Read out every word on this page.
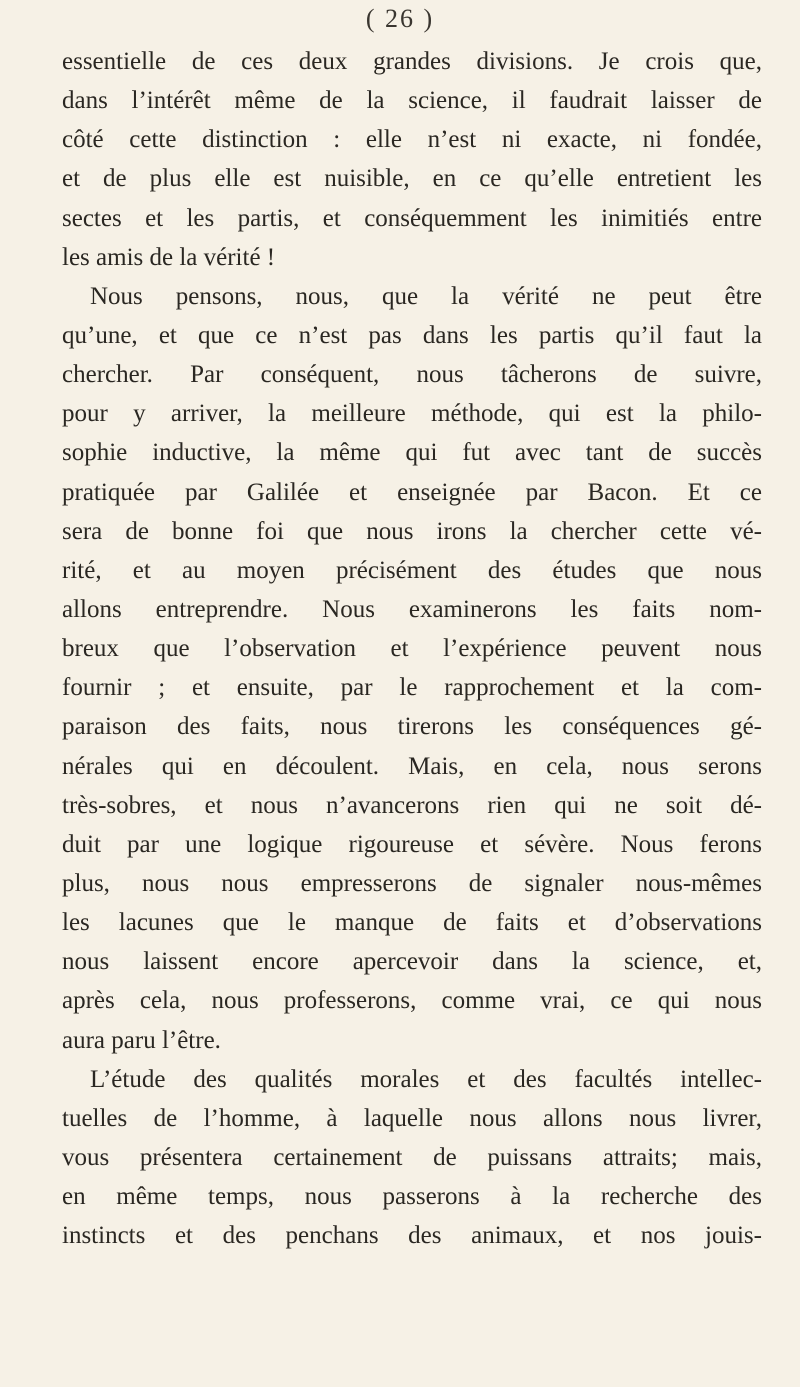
( 26 )
essentielle de ces deux grandes divisions. Je crois que,
dans l’intérêt même de la science, il faudrait laisser de
côté cette distinction : elle n’est ni exacte, ni fondée,
et de plus elle est nuisible, en ce qu’elle entretient les
sectes et les partis, et conséquemment les inimitiés entre
les amis de la vérité !
Nous pensons, nous, que la vérité ne peut être
qu’une, et que ce n’est pas dans les partis qu’il faut la
chercher. Par conséquent, nous tâcherons de suivre,
pour y arriver, la meilleure méthode, qui est la philo-
sophie inductive, la même qui fut avec tant de succès
pratiquée par Galilée et enseignée par Bacon. Et ce
sera de bonne foi que nous irons la chercher cette vé-
rité, et au moyen précisément des études que nous
allons entreprendre. Nous examinerons les faits nom-
breux que l’observation et l’expérience peuvent nous
fournir ; et ensuite, par le rapprochement et la com-
paraison des faits, nous tirerons les conséquences gé-
nérales qui en découlent. Mais, en cela, nous serons
très-sobres, et nous n’avancerons rien qui ne soit dé-
duit par une logique rigoureuse et sévère. Nous ferons
plus, nous nous empresserons de signaler nous-mêmes
les lacunes que le manque de faits et d’observations
nous laissent encore apercevoir dans la science, et,
après cela, nous professerons, comme vrai, ce qui nous
aura paru l’être.
L’étude des qualités morales et des facultés intellec-
tuelles de l’homme, à laquelle nous allons nous livrer,
vous présentera certainement de puissans attraits; mais,
en même temps, nous passerons à la recherche des
instincts et des penchans des animaux, et nos jouis-
